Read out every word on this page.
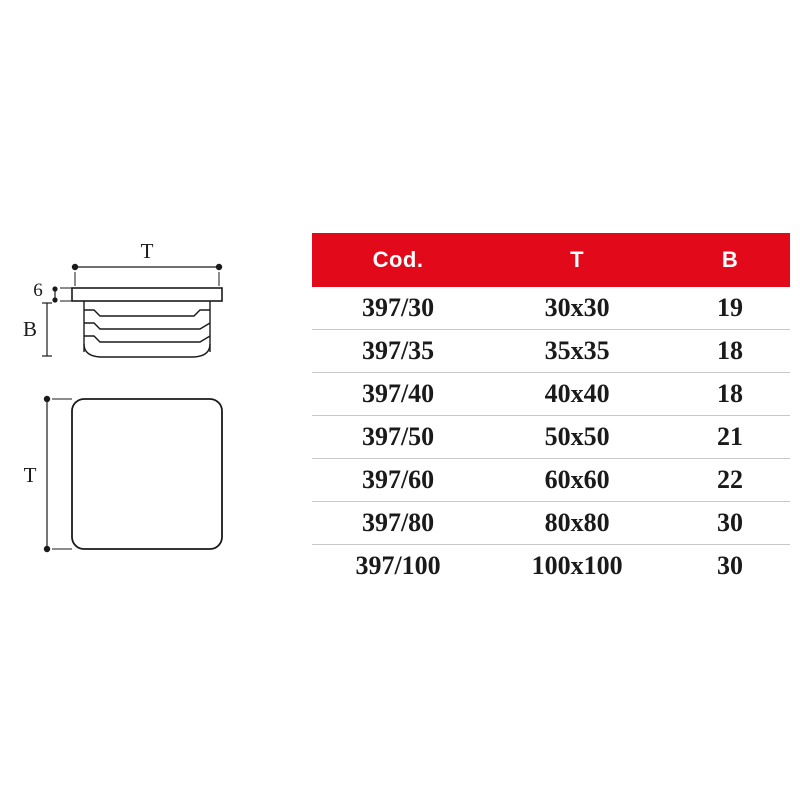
T
6
B
T
Cod.	T	B
397/30	30x30	19
397/35	35x35	18
397/40	40x40	18
397/50	50x50	21
397/60	60x60	22
397/80	80x80	30
397/100	100x100	30
